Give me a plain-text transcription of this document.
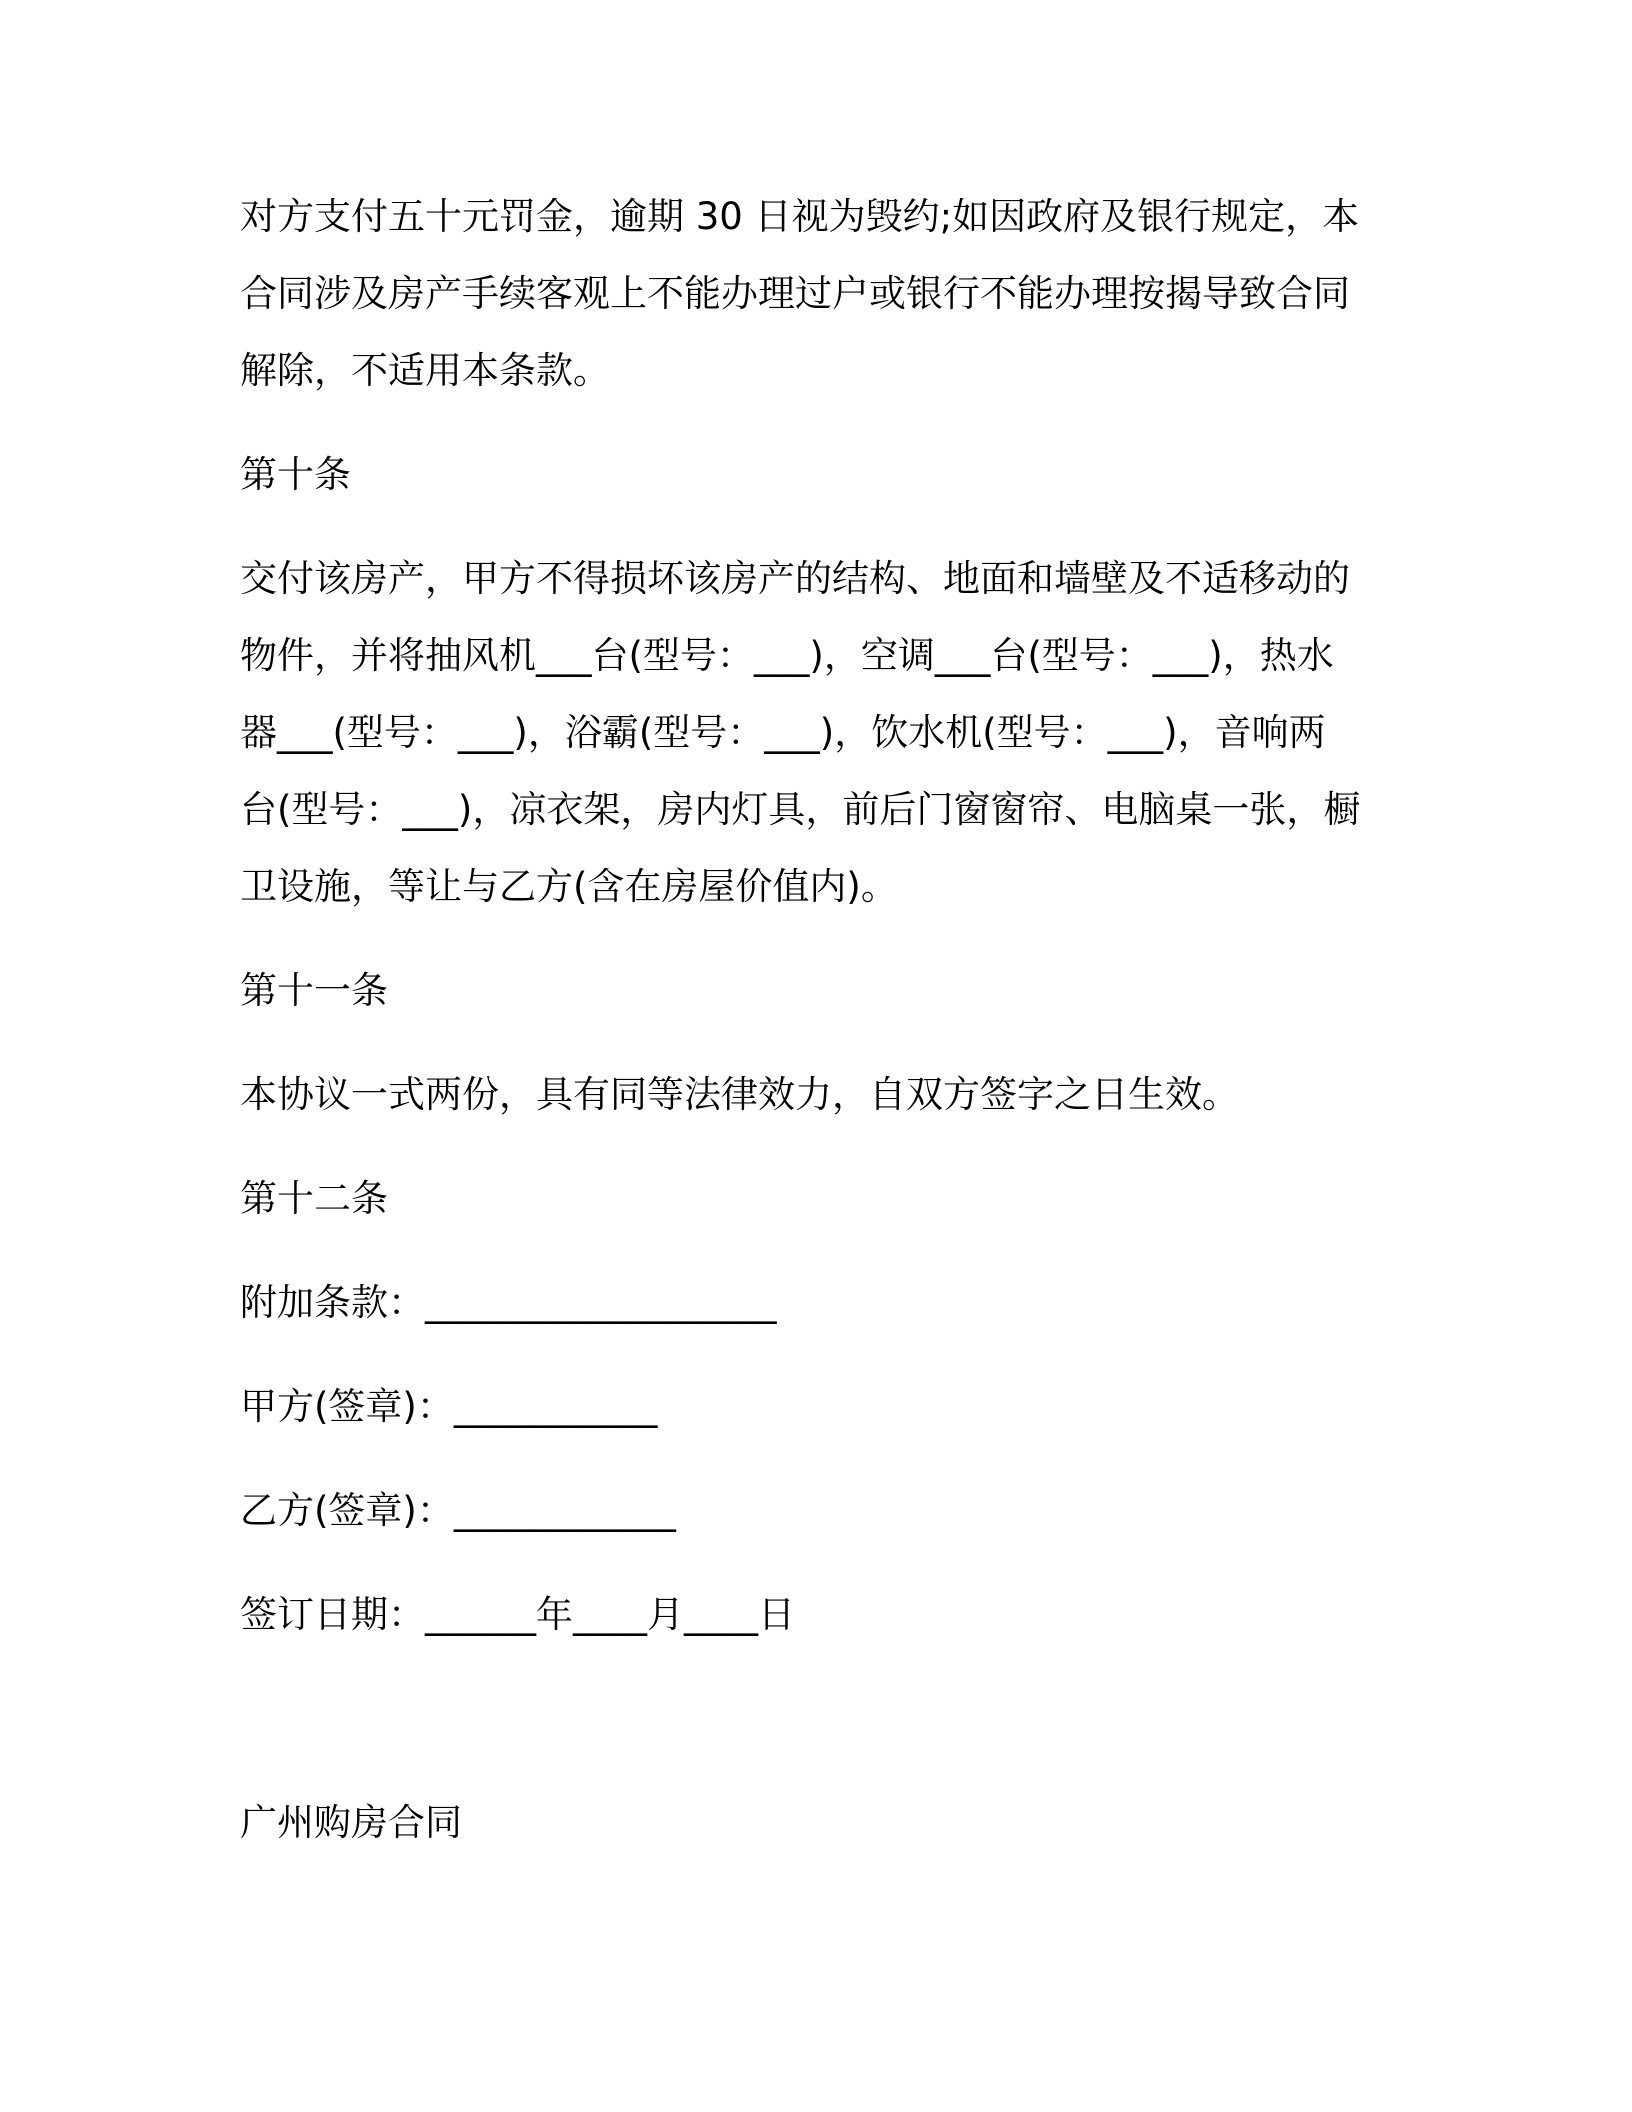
对方支付五十元罚金，逾期 30 日视为毁约;如因政府及银行规定，本

合同涉及房产手续客观上不能办理过户或银行不能办理按揭导致合同

解除，不适用本条款。

第十条

交付该房产，甲方不得损坏该房产的结构、地面和墙壁及不适移动的

物件，并将抽风机___台(型号：___)，空调___台(型号：___)，热水

器___(型号：___)，浴霸(型号：___)，饮水机(型号：___)，音响两

台(型号：___)，凉衣架，房内灯具，前后门窗窗帘、电脑桌一张，橱

卫设施，等让与乙方(含在房屋价值内)。

第十一条

本协议一式两份，具有同等法律效力，自双方签字之日生效。

第十二条

附加条款：___________________

甲方(签章)：___________

乙方(签章)：____________

签订日期：______年____月____日

广州购房合同
